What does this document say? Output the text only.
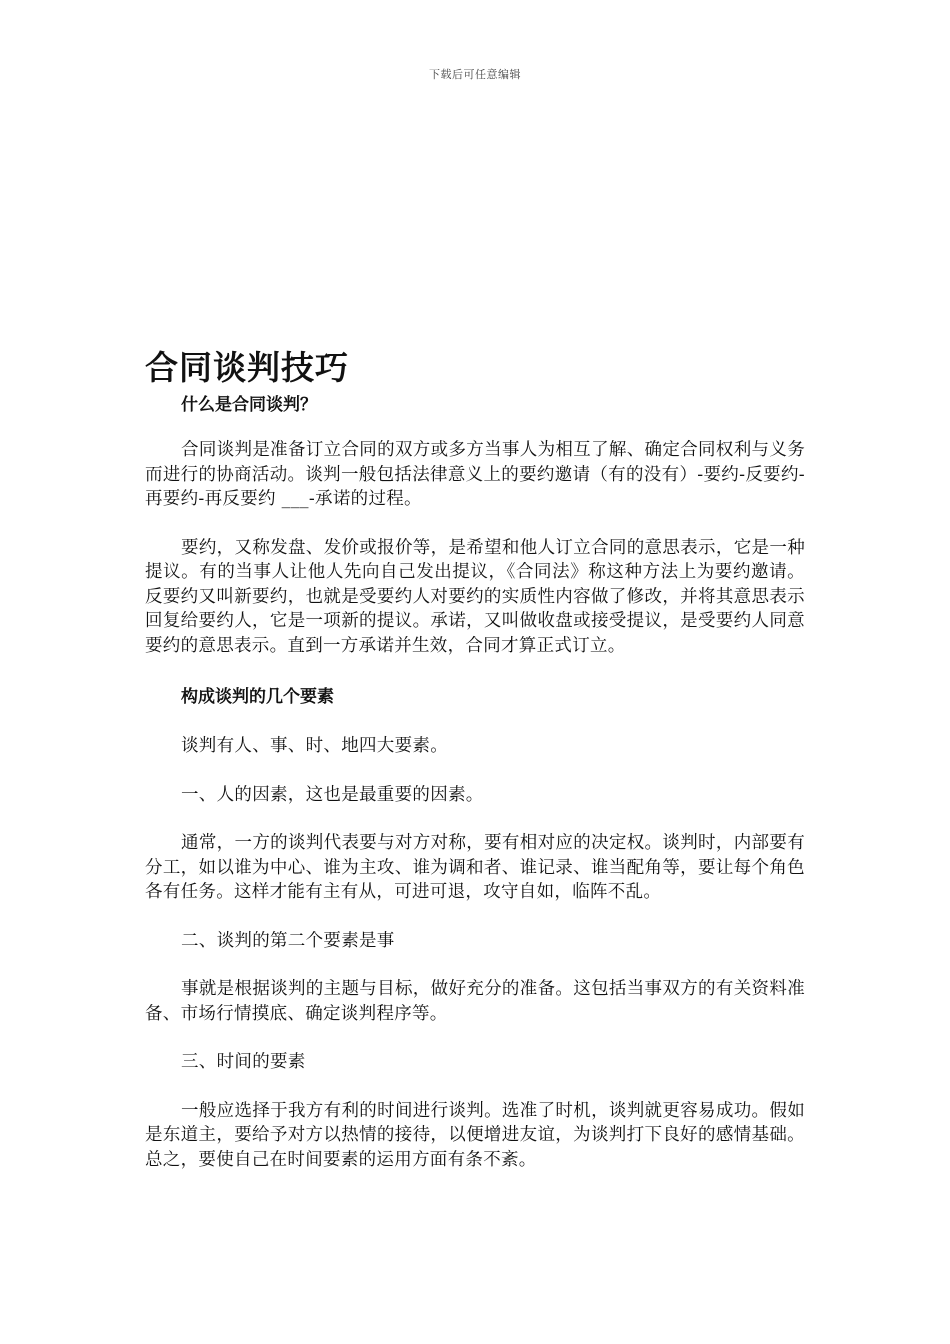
下载后可任意编辑
合同谈判技巧
什么是合同谈判？

合同谈判是准备订立合同的双方或多方当事人为相互了解、确定合同权利与义务而进行的协商活动。谈判一般包括法律意义上的要约邀请（有的没有）-要约-反要约-再要约-再反要约 ___-承诺的过程。

要约，又称发盘、发价或报价等，是希望和他人订立合同的意思表示，它是一种提议。有的当事人让他人先向自己发出提议，《合同法》称这种方法上为要约邀请。反要约又叫新要约，也就是受要约人对要约的实质性内容做了修改，并将其意思表示回复给要约人，它是一项新的提议。承诺，又叫做收盘或接受提议，是受要约人同意要约的意思表示。直到一方承诺并生效，合同才算正式订立。

构成谈判的几个要素

谈判有人、事、时、地四大要素。

一、人的因素，这也是最重要的因素。

通常，一方的谈判代表要与对方对称，要有相对应的决定权。谈判时，内部要有分工，如以谁为中心、谁为主攻、谁为调和者、谁记录、谁当配角等，要让每个角色各有任务。这样才能有主有从，可进可退，攻守自如，临阵不乱。

二、谈判的第二个要素是事

事就是根据谈判的主题与目标，做好充分的准备。这包括当事双方的有关资料准备、市场行情摸底、确定谈判程序等。

三、时间的要素

一般应选择于我方有利的时间进行谈判。选准了时机，谈判就更容易成功。假如是东道主，要给予对方以热情的接待，以便增进友谊，为谈判打下良好的感情基础。总之，要使自己在时间要素的运用方面有条不紊。
